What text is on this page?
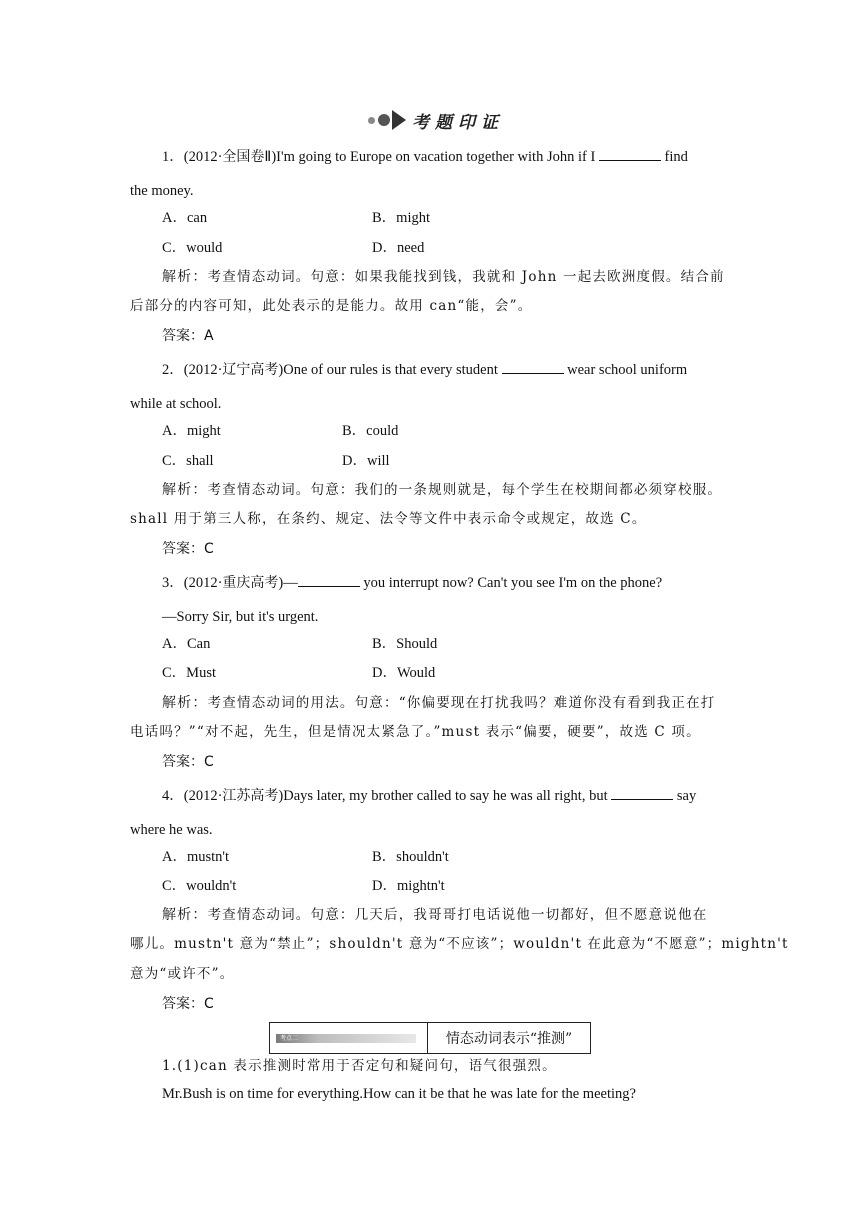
考题印证
1．(2012·全国卷Ⅱ)I'm going to Europe on vacation together with John if I	find
the money.
A．can	B．might
C．would	D．need
解析：考查情态动词。句意：如果我能找到钱，我就和 John 一起去欧洲度假。结合前
后部分的内容可知，此处表示的是能力。故用 can“能，会”。
答案：A
2．(2012·辽宁高考)One of our rules is that every student	wear school uniform
while at school.
A．might	B．could
C．shall	D．will
解析：考查情态动词。句意：我们的一条规则就是，每个学生在校期间都必须穿校服。
shall 用于第三人称，在条约、规定、法令等文件中表示命令或规定，故选 C。
答案：C
3．(2012·重庆高考)—	you interrupt now? Can't you see I'm on the phone?
—Sorry Sir, but it's urgent.
A．Can	B．Should
C．Must	D．Would
解析：考查情态动词的用法。句意：“你偏要现在打扰我吗？难道你没有看到我正在打
电话吗？”“对不起，先生，但是情况太紧急了。”must 表示“偏要，硬要”，故选 C 项。
答案：C
4．(2012·江苏高考)Days later, my brother called to say he was all right, but	say
where he was.
A．mustn't	B．shouldn't
C．wouldn't	D．mightn't
解析：考查情态动词。句意：几天后，我哥哥打电话说他一切都好，但不愿意说他在
哪儿。mustn't 意为“禁止”；shouldn't 意为“不应该”；wouldn't 在此意为“不愿意”；mightn't
意为“或许不”。
答案：C
考点二	情态动词表示“推测”
1.(1)can 表示推测时常用于否定句和疑问句，语气很强烈。
Mr.Bush is on time for everything.How can it be that he was late for the meeting?
